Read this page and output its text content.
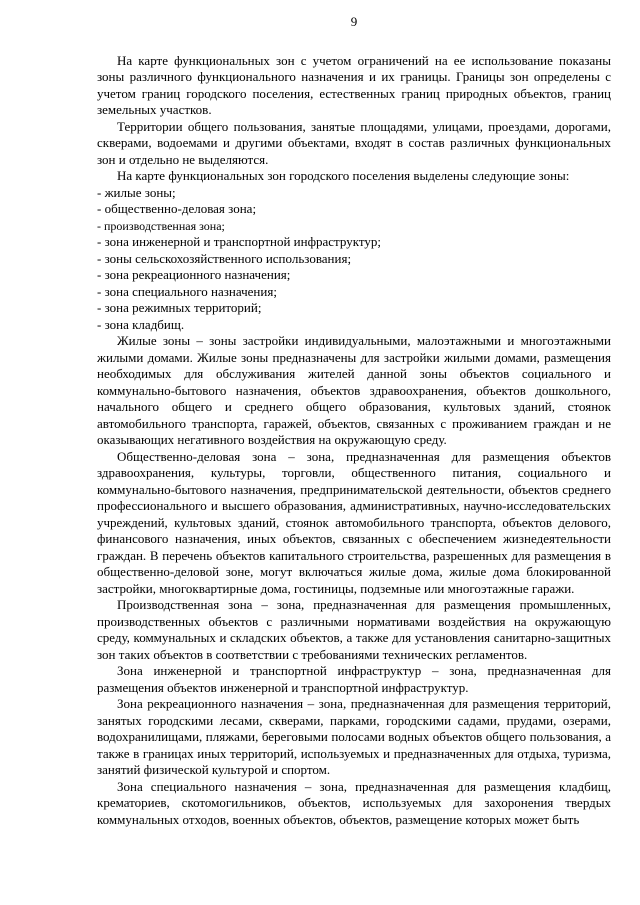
9

На карте функциональных зон с учетом ограничений на ее использование показаны зоны различного функционального назначения и их границы. Границы зон определены с учетом границ городского поселения, естественных границ природных объектов, границ земельных участков.

Территории общего пользования, занятые площадями, улицами, проездами, дорогами, скверами, водоемами и другими объектами, входят в состав различных функциональных зон и отдельно не выделяются.

На карте функциональных зон городского поселения выделены следующие зоны:

- жилые зоны;
- общественно-деловая зона;
- производственная зона;
- зона инженерной и транспортной инфраструктур;
- зоны сельскохозяйственного использования;
- зона рекреационного назначения;
- зона специального назначения;
- зона режимных территорий;
- зона кладбищ.

Жилые зоны – зоны застройки индивидуальными, малоэтажными и многоэтажными жилыми домами. Жилые зоны предназначены для застройки жилыми домами, размещения необходимых для обслуживания жителей данной зоны объектов социального и коммунально-бытового назначения, объектов здравоохранения, объектов дошкольного, начального общего и среднего общего образования, культовых зданий, стоянок автомобильного транспорта, гаражей, объектов, связанных с проживанием граждан и не оказывающих негативного воздействия на окружающую среду.

Общественно-деловая зона – зона, предназначенная для размещения объектов здравоохранения, культуры, торговли, общественного питания, социального и коммунально-бытового назначения, предпринимательской деятельности, объектов среднего профессионального и высшего образования, административных, научно-исследовательских учреждений, культовых зданий, стоянок автомобильного транспорта, объектов делового, финансового назначения, иных объектов, связанных с обеспечением жизнедеятельности граждан. В перечень объектов капитального строительства, разрешенных для размещения в общественно-деловой зоне, могут включаться жилые дома, жилые дома блокированной застройки, многоквартирные дома, гостиницы, подземные или многоэтажные гаражи.

Производственная зона – зона, предназначенная для размещения промышленных, производственных объектов с различными нормативами воздействия на окружающую среду, коммунальных и складских объектов, а также для установления санитарно-защитных зон таких объектов в соответствии с требованиями технических регламентов.

Зона инженерной и транспортной инфраструктур – зона, предназначенная для размещения объектов инженерной и транспортной инфраструктур.

Зона рекреационного назначения – зона, предназначенная для размещения территорий, занятых городскими лесами, скверами, парками, городскими садами, прудами, озерами, водохранилищами, пляжами, береговыми полосами водных объектов общего пользования, а также в границах иных территорий, используемых и предназначенных для отдыха, туризма, занятий физической культурой и спортом.

Зона специального назначения – зона, предназначенная для размещения кладбищ, крематориев, скотомогильников, объектов, используемых для захоронения твердых коммунальных отходов, военных объектов, объектов, размещение которых может быть
